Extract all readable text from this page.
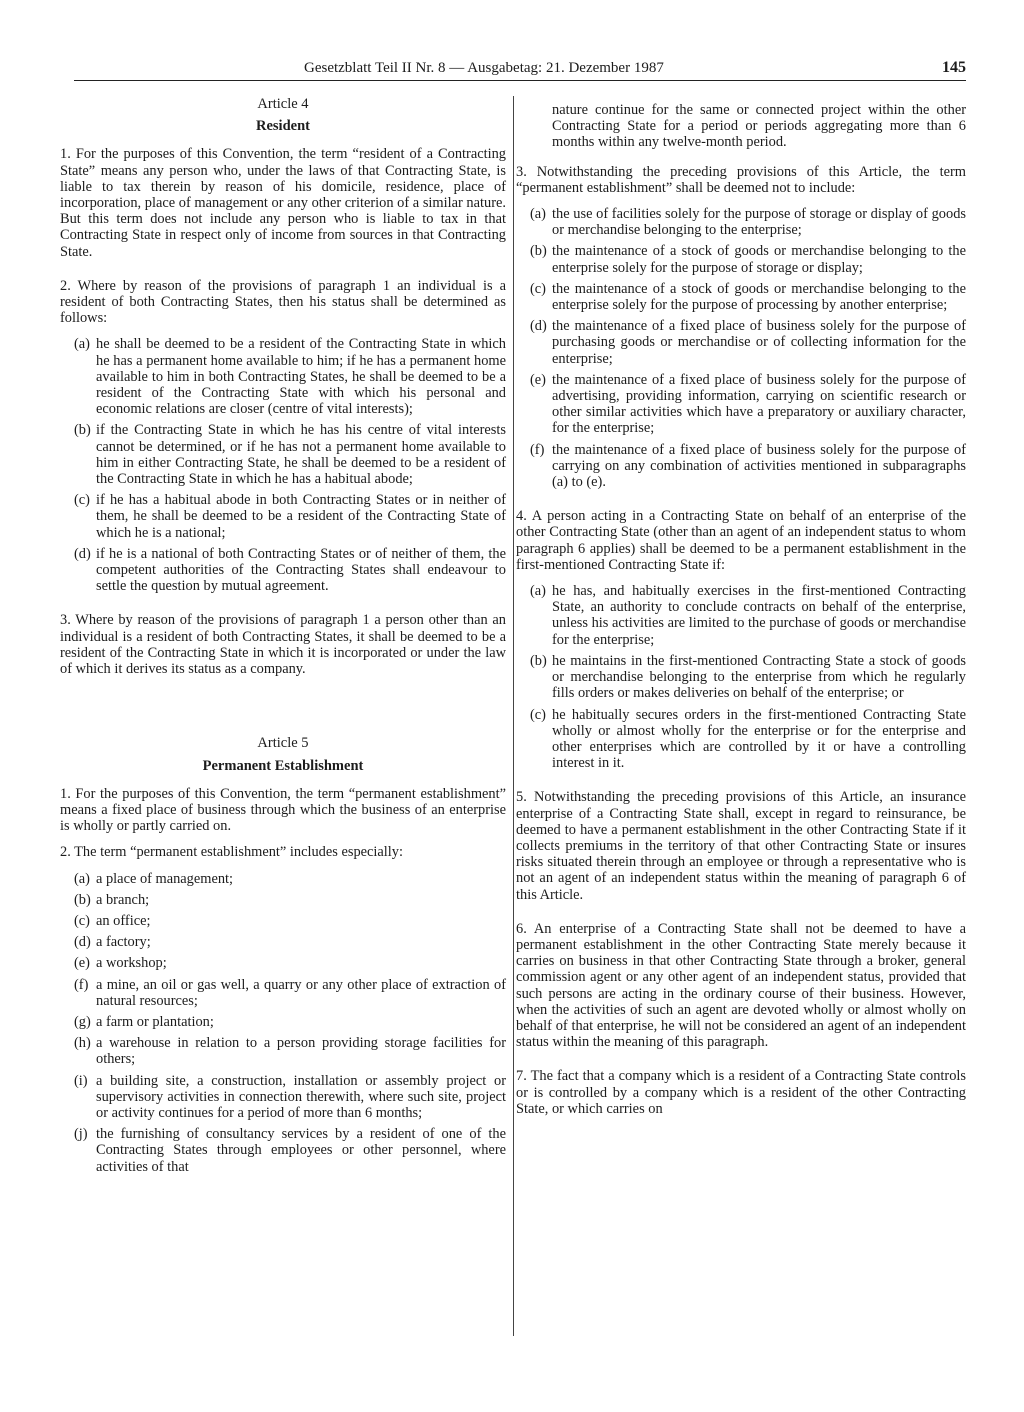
Gesetzblatt Teil II Nr. 8 — Ausgabetag: 21. Dezember 1987	145
Article 4
Resident

1. For the purposes of this Convention, the term “resident of a Contracting State” means any person who, under the laws of that Contracting State, is liable to tax therein by reason of his domicile, residence, place of incorporation, place of management or any other criterion of a similar nature. But this term does not include any person who is liable to tax in that Contracting State in respect only of income from sources in that Contracting State.

2. Where by reason of the provisions of paragraph 1 an individual is a resident of both Contracting States, then his status shall be determined as follows:

(a) he shall be deemed to be a resident of the Contracting State in which he has a permanent home available to him; if he has a permanent home available to him in both Contracting States, he shall be deemed to be a resident of the Contracting State with which his personal and economic relations are closer (centre of vital interests);
(b) if the Contracting State in which he has his centre of vital interests cannot be determined, or if he has not a permanent home available to him in either Contracting State, he shall be deemed to be a resident of the Contracting State in which he has a habitual abode;
(c) if he has a habitual abode in both Contracting States or in neither of them, he shall be deemed to be a resident of the Contracting State of which he is a national;
(d) if he is a national of both Contracting States or of neither of them, the competent authorities of the Contracting States shall endeavour to settle the question by mutual agreement.

3. Where by reason of the provisions of paragraph 1 a person other than an individual is a resident of both Contracting States, it shall be deemed to be a resident of the Contracting State in which it is incorporated or under the law of which it derives its status as a company.

Article 5
Permanent Establishment

1. For the purposes of this Convention, the term “permanent establishment” means a fixed place of business through which the business of an enterprise is wholly or partly carried on.

2. The term “permanent establishment” includes especially:

(a) a place of management;
(b) a branch;
(c) an office;
(d) a factory;
(e) a workshop;
(f) a mine, an oil or gas well, a quarry or any other place of extraction of natural resources;
(g) a farm or plantation;
(h) a warehouse in relation to a person providing storage facilities for others;
(i) a building site, a construction, installation or assembly project or supervisory activities in connection therewith, where such site, project or activity continues for a period of more than 6 months;
(j) the furnishing of consultancy services by a resident of one of the Contracting States through employees or other personnel, where activities of that
nature continue for the same or connected project within the other Contracting State for a period or periods aggregating more than 6 months within any twelve-month period.

3. Notwithstanding the preceding provisions of this Article, the term “permanent establishment” shall be deemed not to include:

(a) the use of facilities solely for the purpose of storage or display of goods or merchandise belonging to the enterprise;
(b) the maintenance of a stock of goods or merchandise belonging to the enterprise solely for the purpose of storage or display;
(c) the maintenance of a stock of goods or merchandise belonging to the enterprise solely for the purpose of processing by another enterprise;
(d) the maintenance of a fixed place of business solely for the purpose of purchasing goods or merchandise or of collecting information for the enterprise;
(e) the maintenance of a fixed place of business solely for the purpose of advertising, providing information, carrying on scientific research or other similar activities which have a preparatory or auxiliary character, for the enterprise;
(f) the maintenance of a fixed place of business solely for the purpose of carrying on any combination of activities mentioned in subparagraphs (a) to (e).

4. A person acting in a Contracting State on behalf of an enterprise of the other Contracting State (other than an agent of an independent status to whom paragraph 6 applies) shall be deemed to be a permanent establishment in the first-mentioned Contracting State if:

(a) he has, and habitually exercises in the first-mentioned Contracting State, an authority to conclude contracts on behalf of the enterprise, unless his activities are limited to the purchase of goods or merchandise for the enterprise;
(b) he maintains in the first-mentioned Contracting State a stock of goods or merchandise belonging to the enterprise from which he regularly fills orders or makes deliveries on behalf of the enterprise; or
(c) he habitually secures orders in the first-mentioned Contracting State wholly or almost wholly for the enterprise or for the enterprise and other enterprises which are controlled by it or have a controlling interest in it.

5. Notwithstanding the preceding provisions of this Article, an insurance enterprise of a Contracting State shall, except in regard to reinsurance, be deemed to have a permanent establishment in the other Contracting State if it collects premiums in the territory of that other Contracting State or insures risks situated therein through an employee or through a representative who is not an agent of an independent status within the meaning of paragraph 6 of this Article.

6. An enterprise of a Contracting State shall not be deemed to have a permanent establishment in the other Contracting State merely because it carries on business in that other Contracting State through a broker, general commission agent or any other agent of an independent status, provided that such persons are acting in the ordinary course of their business. However, when the activities of such an agent are devoted wholly or almost wholly on behalf of that enterprise, he will not be considered an agent of an independent status within the meaning of this paragraph.

7. The fact that a company which is a resident of a Contracting State controls or is controlled by a company which is a resident of the other Contracting State, or which carries on
